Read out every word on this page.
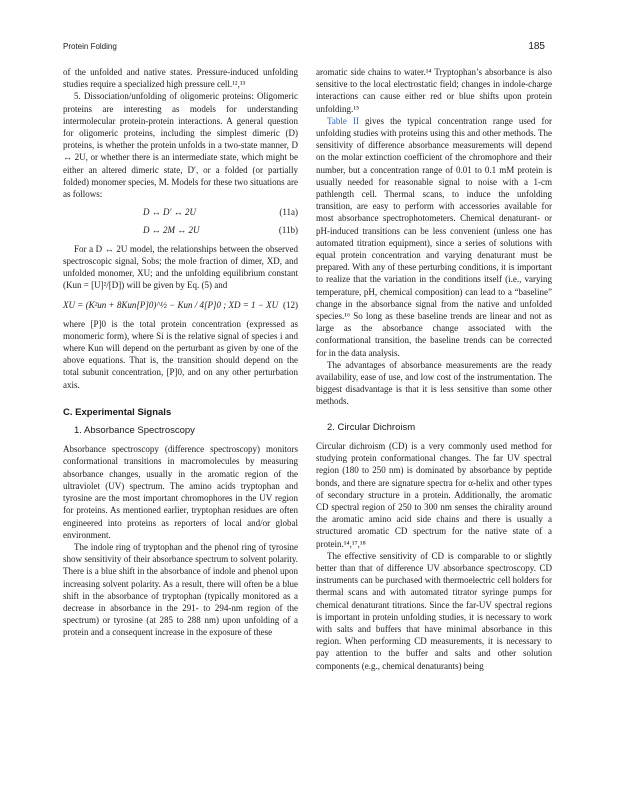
Protein Folding	185

of the unfolded and native states. Pressure-induced unfolding studies require a specialized high pressure cell.¹²,¹³

5. Dissociation/unfolding of oligomeric proteins: Oligomeric proteins are interesting as models for understanding intermolecular protein-protein interactions. A general question for oligomeric proteins, including the simplest dimeric (D) proteins, is whether the protein unfolds in a two-state manner, D ↔ 2U, or whether there is an intermediate state, which might be either an altered dimeric state, D′, or a folded (or partially folded) monomer species, M. Models for these two situations are as follows:

D ↔ D′ ↔ 2U	(11a)
D ↔ 2M ↔ 2U	(11b)

For a D ↔ 2U model, the relationships between the observed spectroscopic signal, Sobs; the mole fraction of dimer, XD, and unfolded monomer, XU; and the unfolding equilibrium constant (Kun = [U]²/[D]) will be given by Eq. (5) and

(12)
XU = (K²un + 8Kun[P]0)^½ − Kun / 4[P]0 ; XD = 1 − XU

where [P]0 is the total protein concentration (expressed as monomeric form), where Si is the relative signal of species i and where Kun will depend on the perturbant as given by one of the above equations. That is, the transition should depend on the total subunit concentration, [P]0, and on any other perturbation axis.

C. Experimental Signals
1. Absorbance Spectroscopy

Absorbance spectroscopy (difference spectroscopy) monitors conformational transitions in macromolecules by measuring absorbance changes, usually in the aromatic region of the ultraviolet (UV) spectrum. The amino acids tryptophan and tyrosine are the most important chromophores in the UV region for proteins. As mentioned earlier, tryptophan residues are often engineered into proteins as reporters of local and/or global environment.

The indole ring of tryptophan and the phenol ring of tyrosine show sensitivity of their absorbance spectrum to solvent polarity. There is a blue shift in the absorbance of indole and phenol upon increasing solvent polarity. As a result, there will often be a blue shift in the absorbance of tryptophan (typically monitored as a decrease in absorbance in the 291- to 294-nm region of the spectrum) or tyrosine (at 285 to 288 nm) upon unfolding of a protein and a consequent increase in the exposure of these

aromatic side chains to water.¹⁴ Tryptophan’s absorbance is also sensitive to the local electrostatic field; changes in indole-charge interactions can cause either red or blue shifts upon protein unfolding.¹⁵

Table II gives the typical concentration range used for unfolding studies with proteins using this and other methods. The sensitivity of difference absorbance measurements will depend on the molar extinction coefficient of the chromophore and their number, but a concentration range of 0.01 to 0.1 mM protein is usually needed for reasonable signal to noise with a 1-cm pathlength cell. Thermal scans, to induce the unfolding transition, are easy to perform with accessories available for most absorbance spectrophotometers. Chemical denaturant- or pH-induced transitions can be less convenient (unless one has automated titration equipment), since a series of solutions with equal protein concentration and varying denaturant must be prepared. With any of these perturbing conditions, it is important to realize that the variation in the conditions itself (i.e., varying temperature, pH, chemical composition) can lead to a “baseline” change in the absorbance signal from the native and unfolded species.¹⁶ So long as these baseline trends are linear and not as large as the absorbance change associated with the conformational transition, the baseline trends can be corrected for in the data analysis.

The advantages of absorbance measurements are the ready availability, ease of use, and low cost of the instrumentation. The biggest disadvantage is that it is less sensitive than some other methods.

2. Circular Dichroism

Circular dichroism (CD) is a very commonly used method for studying protein conformational changes. The far UV spectral region (180 to 250 nm) is dominated by absorbance by peptide bonds, and there are signature spectra for α-helix and other types of secondary structure in a protein. Additionally, the aromatic CD spectral region of 250 to 300 nm senses the chirality around the aromatic amino acid side chains and there is usually a structured aromatic CD spectrum for the native state of a protein.¹⁴,¹⁷,¹⁸

The effective sensitivity of CD is comparable to or slightly better than that of difference UV absorbance spectroscopy. CD instruments can be purchased with thermoelectric cell holders for thermal scans and with automated titrator syringe pumps for chemical denaturant titrations. Since the far-UV spectral regions is important in protein unfolding studies, it is necessary to work with salts and buffers that have minimal absorbance in this region. When performing CD measurements, it is necessary to pay attention to the buffer and salts and other solution components (e.g., chemical denaturants) being
